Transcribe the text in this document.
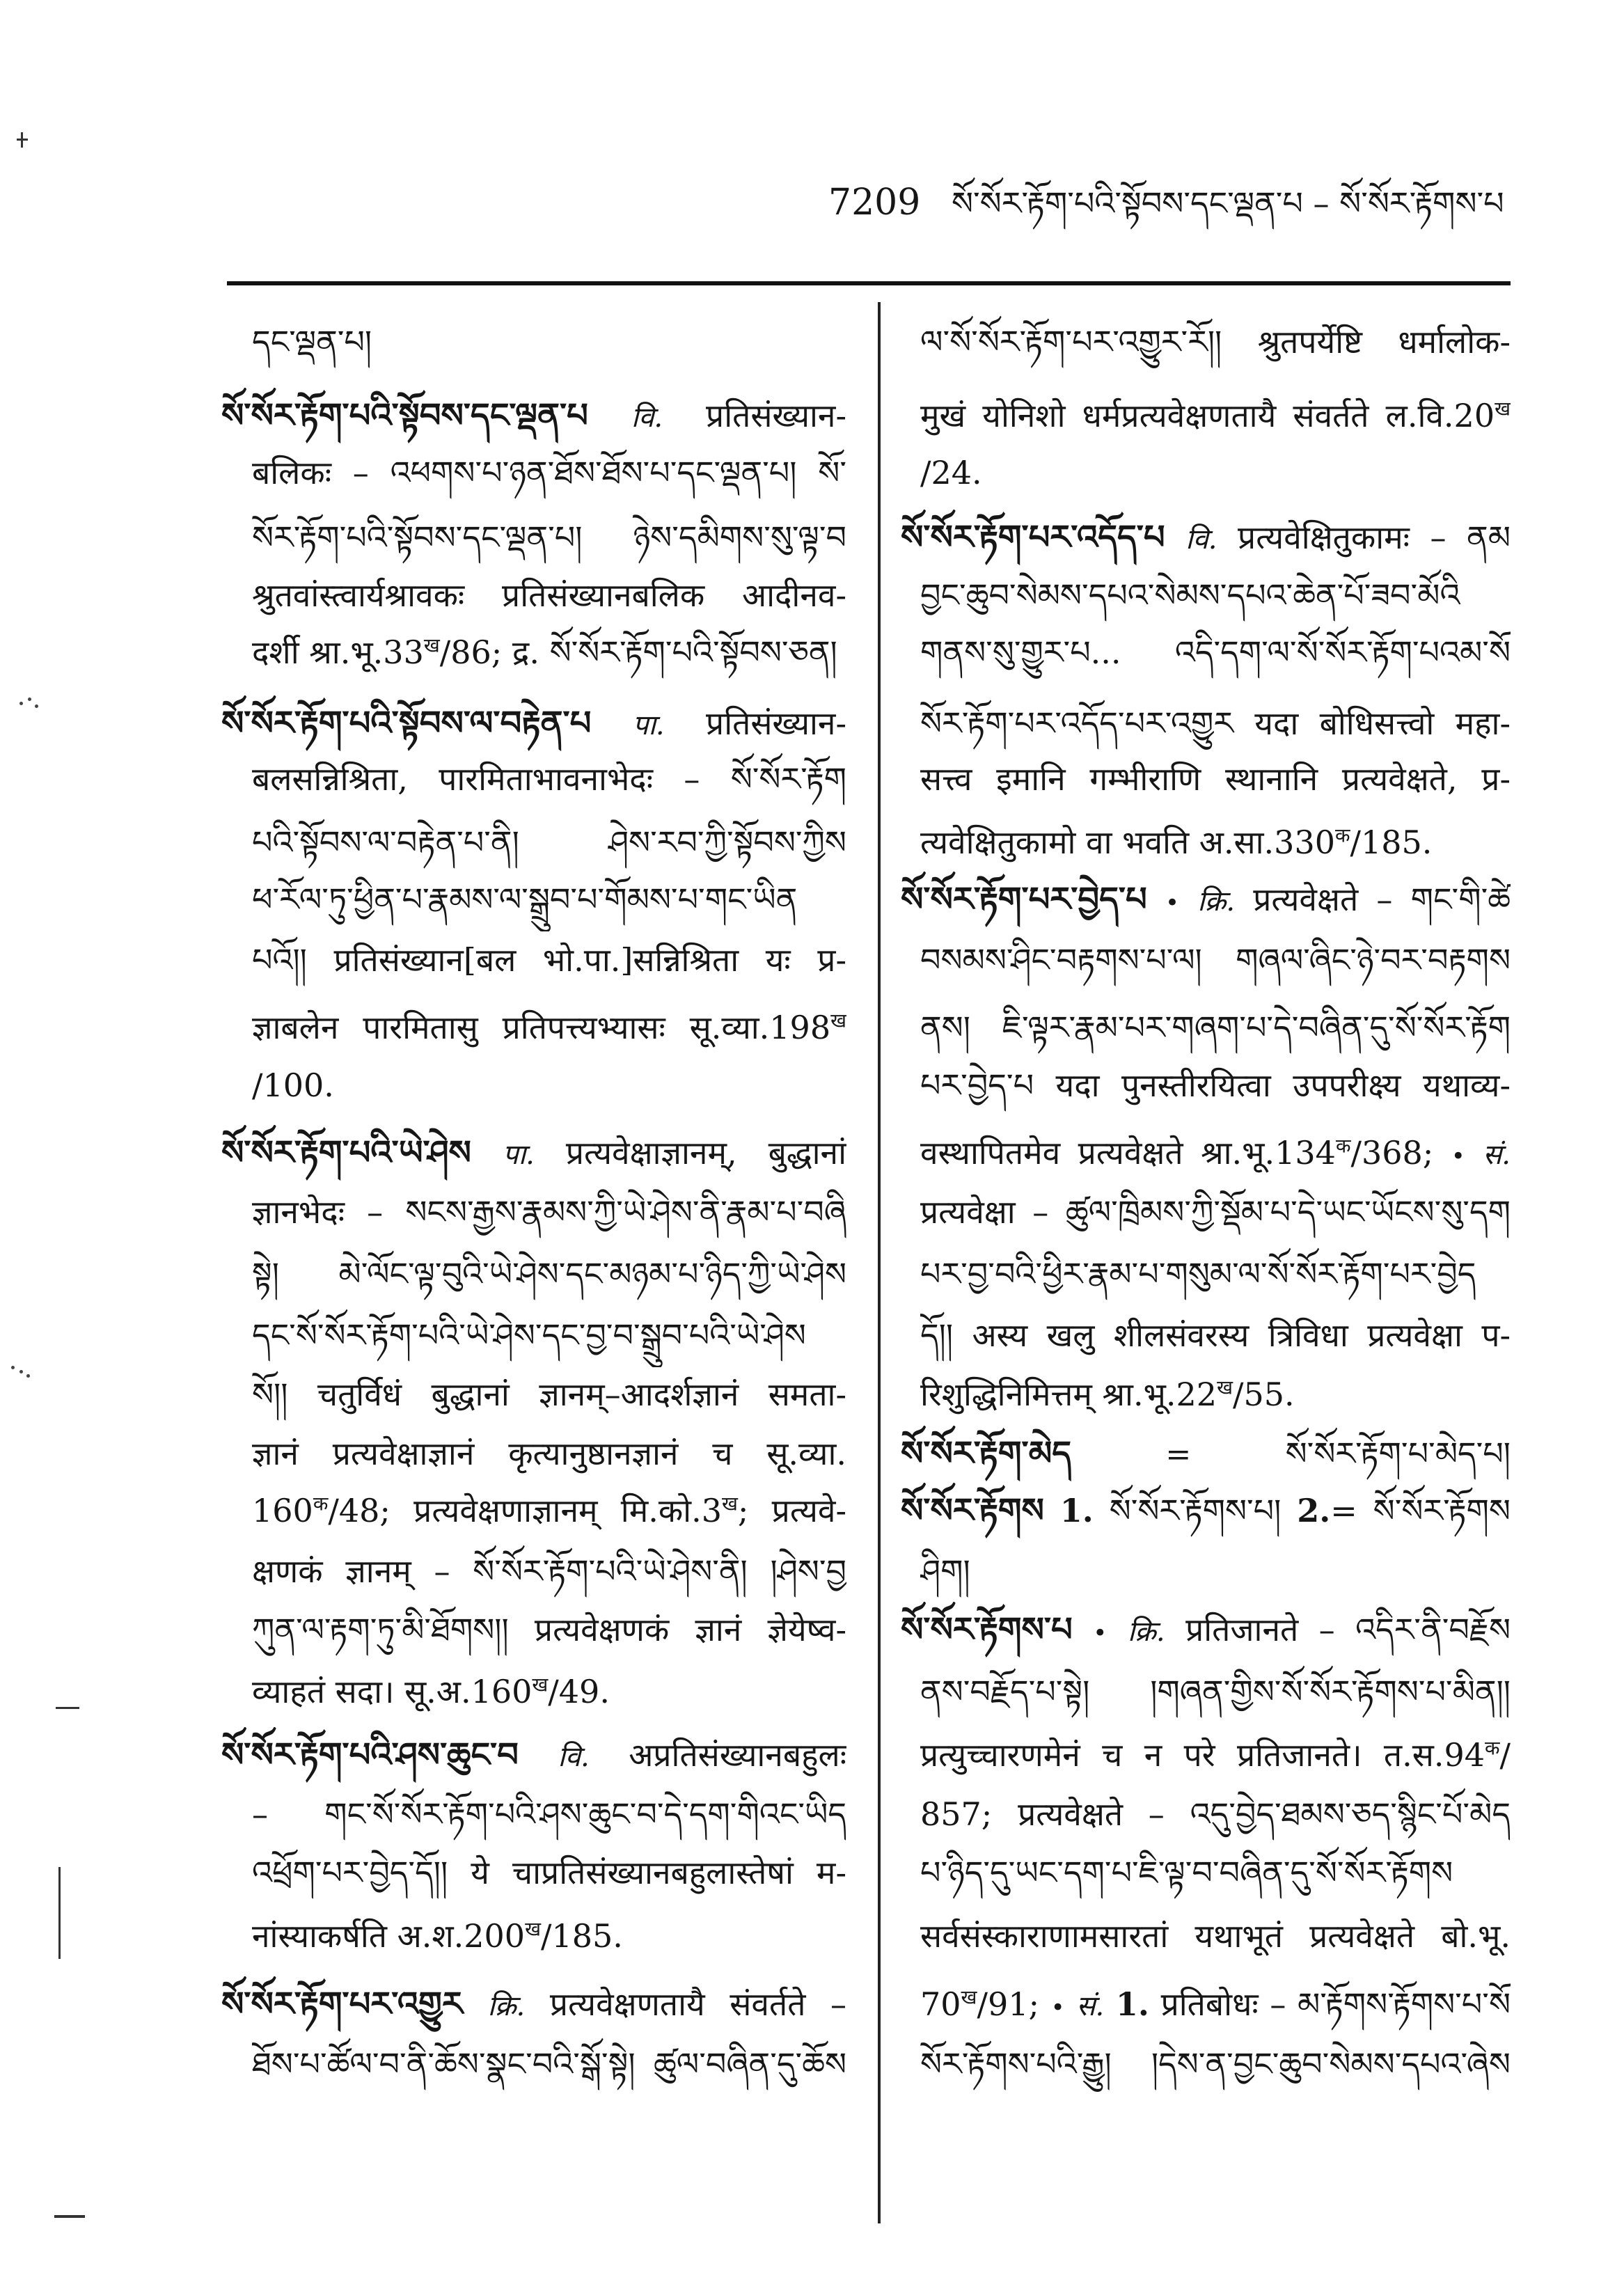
7209 སོ་སོར་རྟོག་པའི་སྟོབས་དང་ལྡན་པ – སོ་སོར་རྟོགས་པ
དང་ལྡན་པ།
སོ་སོར་རྟོག་པའི་སྟོབས་དང་ལྡན་པ वि. प्रतिसंख्यान-
बलिकः – འཕགས་པ་ཉན་ཐོས་ཐོས་པ་དང་ལྡན་པ། སོ་
སོར་རྟོག་པའི་སྟོབས་དང་ལྡན་པ། ཉེས་དམིགས་སུ་ལྟ་བ
श्रुतवांस्त्वार्यश्रावकः प्रतिसंख्यानबलिक आदीनव-
दर्शी $श्रा.भू.33^ख/86$; द्र. སོ་སོར་རྟོག་པའི་སྟོབས་ཅན།
སོ་སོར་རྟོག་པའི་སྟོབས་ལ་བརྟེན་པ पा. प्रतिसंख्यान-
बलसन्निश्रिता, पारमिताभावनाभेदः – སོ་སོར་རྟོག
པའི་སྟོབས་ལ་བརྟེན་པ་ནི། ཤེས་རབ་ཀྱི་སྟོབས་ཀྱིས
ཕ་རོལ་ཏུ་ཕྱིན་པ་རྣམས་ལ་སྒྲུབ་པ་གོམས་པ་གང་ཡིན
པའོ།། प्रतिसंख्यान[बल भो.पा.]सन्निश्रिता यः प्र-
ज्ञाबलेन पारमितासु प्रतिपत्त्यभ्यासः $सू.व्या.198^ख$
/100.
སོ་སོར་རྟོག་པའི་ཡེ་ཤེས पा. प्रत्यवेक्षाज्ञानम्, बुद्धानां
ज्ञानभेदः – སངས་རྒྱས་རྣམས་ཀྱི་ཡེ་ཤེས་ནི་རྣམ་པ་བཞི
སྟེ། མེ་ལོང་ལྟ་བུའི་ཡེ་ཤེས་དང་མཉམ་པ་ཉིད་ཀྱི་ཡེ་ཤེས
དང་སོ་སོར་རྟོག་པའི་ཡེ་ཤེས་དང་བྱ་བ་སྒྲུབ་པའི་ཡེ་ཤེས
སོ།། चतुर्विधं बुद्धानां ज्ञानम्–आदर्शज्ञानं समता-
ज्ञानं प्रत्यवेक्षाज्ञानं कृत्यानुष्ठानज्ञानं च सू.व्या.
$160^क/48$; प्रत्यवेक्षणाज्ञानम् $मि.को.3^ख$; प्रत्यवे-
क्षणकं ज्ञानम् – སོ་སོར་རྟོག་པའི་ཡེ་ཤེས་ནི། །ཤེས་བྱ
ཀུན་ལ་རྟག་ཏུ་མི་ཐོགས།། प्रत्यवेक्षणकं ज्ञानं ज्ञेयेष्व-
व्याहतं सदा। $सू.अ.160^ख/49$.
སོ་སོར་རྟོག་པའི་ཤས་ཆུང་བ वि. अप्रतिसंख्यानबहुलः
– གང་སོ་སོར་རྟོག་པའི་ཤས་ཆུང་བ་དེ་དག་གིའང་ཡིད
འཕྲོག་པར་བྱེད་དོ།། ये चाप्रतिसंख्यानबहुलास्तेषां म-
नांस्याकर्षति $अ.श.200^ख/185$.
སོ་སོར་རྟོག་པར་འགྱུར क्रि. प्रत्यवेक्षणतायै संवर्तते –
ཐོས་པ་ཚོལ་བ་ནི་ཆོས་སྣང་བའི་སྒོ་སྟེ། ཚུལ་བཞིན་དུ་ཆོས
ལ་སོ་སོར་རྟོག་པར་འགྱུར་རོ།། श्रुतपर्येष्टि धर्मालोक-
मुखं योनिशो धर्मप्रत्यवेक्षणतायै संवर्तते $ल.वि.20^ख$
/24.
སོ་སོར་རྟོག་པར་འདོད་པ वि. प्रत्यवेक्षितुकामः – ནམ
བྱང་ཆུབ་སེམས་དཔའ་སེམས་དཔའ་ཆེན་པོ་ཟབ་མོའི
གནས་སུ་གྱུར་པ... འདི་དག་ལ་སོ་སོར་རྟོག་པའམ་སོ
སོར་རྟོག་པར་འདོད་པར་འགྱུར यदा बोधिसत्त्वो महा-
सत्त्व इमानि गम्भीराणि स्थानानि प्रत्यवेक्षते, प्र-
त्यवेक्षितुकामो वा भवति $अ.सा.330^क/185$.
སོ་སོར་རྟོག་པར་བྱེད་པ • क्रि. प्रत्यवेक्षते – གང་གི་ཚེ
བསམས་ཤིང་བརྟགས་པ་ལ། གཞལ་ཞིང་ཉེ་བར་བརྟགས
ནས། ཇི་ལྟར་རྣམ་པར་གཞག་པ་དེ་བཞིན་དུ་སོ་སོར་རྟོག
པར་བྱེད་པ यदा पुनस्तीरयित्वा उपपरीक्ष्य यथाव्य-
वस्थापितमेव प्रत्यवेक्षते $श्रा.भू.134^क/368$; • सं.
प्रत्यवेक्षा – ཚུལ་ཁྲིམས་ཀྱི་སྡོམ་པ་དེ་ཡང་ཡོངས་སུ་དག
པར་བྱ་བའི་ཕྱིར་རྣམ་པ་གསུམ་ལ་སོ་སོར་རྟོག་པར་བྱེད
དོ།། अस्य खलु शीलसंवरस्य त्रिविधा प्रत्यवेक्षा प-
रिशुद्धिनिमित्तम् $श्रा.भू.22^ख/55$.
སོ་སོར་རྟོག་མེད	=	སོ་སོར་རྟོག་པ་མེད་པ།
སོ་སོར་རྟོགས 1. སོ་སོར་རྟོགས་པ། 2.= སོ་སོར་རྟོགས
ཤིག།
སོ་སོར་རྟོགས་པ • क्रि. प्रतिजानते – འདིར་ནི་བརྗོས
ནས་བརྗོད་པ་སྟེ། །གཞན་གྱིས་སོ་སོར་རྟོགས་པ་མིན།།
प्रत्युच्चारणमेनं च न परे प्रतिजानते। $त.स.94^क/$
857; प्रत्यवेक्षते – འདུ་བྱེད་ཐམས་ཅད་སྙིང་པོ་མེད
པ་ཉིད་དུ་ཡང་དག་པ་ཇི་ལྟ་བ་བཞིན་དུ་སོ་སོར་རྟོགས
सर्वसंस्काराणामसारतां यथाभूतं प्रत्यवेक्षते बो.भू.
$70^ख/91$; • सं. 1. प्रतिबोधः – མ་རྟོགས་རྟོགས་པ་སོ
སོར་རྟོགས་པའི་རྒྱུ། །དེས་ན་བྱང་ཆུབ་སེམས་དཔའ་ཞེས
